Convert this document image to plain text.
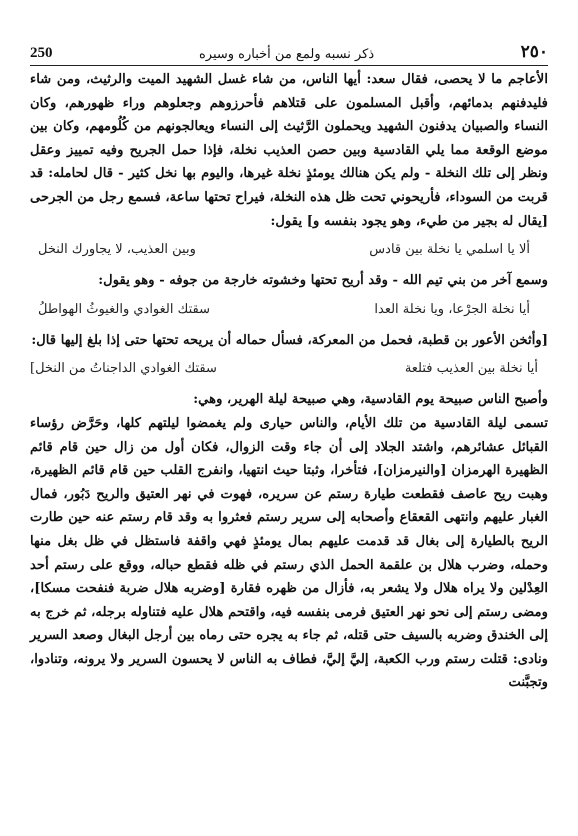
٢٥٠
ذكر نسبه ولمع من أخباره وسيره
250

الأعاجم ما لا يحصى، فقال سعد: أيها الناس، من شاء غسل الشهيد الميت والرثيث، ومن شاء فليدفنهم بدمائهم، وأقبل المسلمون على قتلاهم فأحرزوهم وجعلوهم وراء ظهورهم، وكان النساء والصبيان يدفنون الشهيد ويحملون الرَّثيث إلى النساء ويعالجونهم من كُلُومهم، وكان بين موضع الوقعة مما يلي القادسية وبين حصن العذيب نخلة، فإذا حمل الجريح وفيه تمييز وعقل ونظر إلى تلك النخلة - ولم يكن هنالك يومئذٍ نخلة غيرها، واليوم بها نخل كثير - قال لحامله: قد قربت من السوداء، فأريحوني تحت ظل هذه النخلة، فيراح تحتها ساعة، فسمع رجل من الجرحى [يقال له بجير من طيء، وهو يجود بنفسه و] يقول:

ألا يا اسلمي يا نخلة بين قادس
وبين العذيب، لا يجاورك النخل

وسمع آخر من بني تيم الله - وقد أريح تحتها وخشوته خارجة من جوفه - وهو يقول:

أيا نخلة الجرْعا، ويا نخلة العدا
سقتك الغوادي والغيوثُ الهواطلُ

[وأثخن الأعور بن قطبة، فحمل من المعركة، فسأل حماله أن يريحه تحتها حتى إذا بلغ إليها قال:

أيا نخلة بين العذيب فتلعة
سقتك الغوادي الداجناتُ من النخل]

وأصبح الناس صبيحة يوم القادسية، وهي صبيحة ليلة الهرير، وهي:

تسمى ليلة القادسية من تلك الأيام، والناس حيارى ولم يغمضوا ليلتهم كلها، وحَرَّض رؤساء القبائل عشائرهم، واشتد الجلاد إلى أن جاء وقت الزوال، فكان أول من زال حين قام قائم الظهيرة الهرمزان [والنيرمزان]، فتأخرا، وثبتا حيث انتهيا، وانفرج القلب حين قام قائم الظهيرة، وهبت ريح عاصف فقطعت طيارة رستم عن سريره، فهوت في نهر العتيق والريح دَبُور، فمال الغبار عليهم وانتهى القعقاع وأصحابه إلى سرير رستم فعثروا به وقد قام رستم عنه حين طارت الريح بالطيارة إلى بغال قد قدمت عليهم بمال يومئذٍ فهي واقفة فاستظل في ظل بغل منها وحمله، وضرب هلال بن علقمة الحمل الذي رستم في ظله فقطع حباله، ووقع على رستم أحد العِدْلين ولا يراه هلال ولا يشعر به، فأزال من ظهره فقارة [وضربه هلال ضربة فنفحت مسكا]، ومضى رستم إلى نحو نهر العتيق فرمى بنفسه فيه، واقتحم هلال عليه فتناوله برجله، ثم خرج به إلى الخندق وضربه بالسيف حتى قتله، ثم جاء به يجره حتى رماه بين أرجل البغال وصعد السرير ونادى: قتلت رستم ورب الكعبة، إليَّ إليَّ، فطاف به الناس لا يحسون السرير ولا يرونه، وتنادوا، وتجبَّنت
